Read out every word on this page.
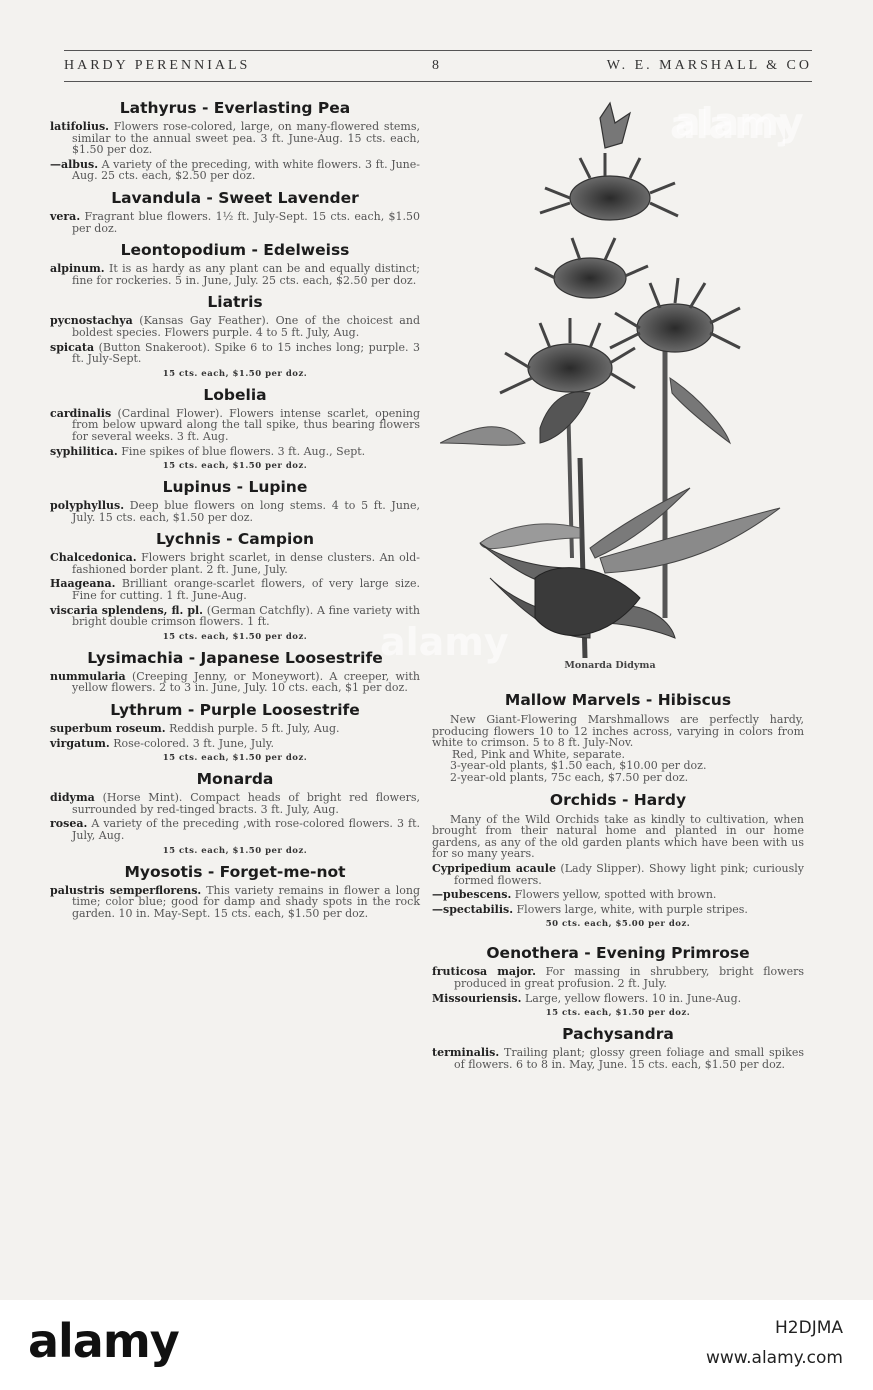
HARDY PERENNIALS	8	W. E. MARSHALL & CO
Lathyrus - Everlasting Pea
latifolius. Flowers rose-colored, large, on many-flowered stems, similar to the annual sweet pea. 3 ft. June-Aug. 15 cts. each, $1.50 per doz.
—albus. A variety of the preceding, with white flowers. 3 ft. June-Aug. 25 cts. each, $2.50 per doz.
Lavandula - Sweet Lavender
vera. Fragrant blue flowers. 1½ ft. July-Sept. 15 cts. each, $1.50 per doz.
Leontopodium - Edelweiss
alpinum. It is as hardy as any plant can be and equally distinct; fine for rockeries. 5 in. June, July. 25 cts. each, $2.50 per doz.
Liatris
pycnostachya (Kansas Gay Feather). One of the choicest and boldest species. Flowers purple. 4 to 5 ft. July, Aug.
spicata (Button Snakeroot). Spike 6 to 15 inches long; purple. 3 ft. July-Sept.
15 cts. each, $1.50 per doz.
Lobelia
cardinalis (Cardinal Flower). Flowers intense scarlet, opening from below upward along the tall spike, thus bearing flowers for several weeks. 3 ft. Aug.
syphilitica. Fine spikes of blue flowers. 3 ft. Aug., Sept.
15 cts. each, $1.50 per doz.
Lupinus - Lupine
polyphyllus. Deep blue flowers on long stems. 4 to 5 ft. June, July. 15 cts. each, $1.50 per doz.
Lychnis - Campion
Chalcedonica. Flowers bright scarlet, in dense clusters. An old-fashioned border plant. 2 ft. June, July.
Haageana. Brilliant orange-scarlet flowers, of very large size. Fine for cutting. 1 ft. June-Aug.
viscaria splendens, fl. pl. (German Catchfly). A fine variety with bright double crimson flowers. 1 ft.
15 cts. each, $1.50 per doz.
Lysimachia - Japanese Loosestrife
nummularia (Creeping Jenny, or Moneywort). A creeper, with yellow flowers. 2 to 3 in. June, July. 10 cts. each, $1 per doz.
Lythrum - Purple Loosestrife
superbum roseum. Reddish purple. 5 ft. July, Aug.
virgatum. Rose-colored. 3 ft. June, July.
15 cts. each, $1.50 per doz.
Monarda
didyma (Horse Mint). Compact heads of bright red flowers, surrounded by red-tinged bracts. 3 ft. July, Aug.
rosea. A variety of the preceding ,with rose-colored flowers. 3 ft. July, Aug.
15 cts. each, $1.50 per doz.
Myosotis - Forget-me-not
palustris semperflorens. This variety remains in flower a long time; color blue; good for damp and shady spots in the rock garden. 10 in. May-Sept. 15 cts. each, $1.50 per doz.
alam
Monarda Didyma
Mallow Marvels - Hibiscus
New Giant-Flowering Marshmallows are perfectly hardy, producing flowers 10 to 12 inches across, varying in colors from white to crimson. 5 to 8 ft. July-Nov.
Red, Pink and White, separate.
3-year-old plants, $1.50 each, $10.00 per doz.
2-year-old plants, 75c each, $7.50 per doz.
Orchids - Hardy
Many of the Wild Orchids take as kindly to cultivation, when brought from their natural home and planted in our home gardens, as any of the old garden plants which have been with us for so many years.
Cypripedium acaule (Lady Slipper). Showy light pink; curiously formed flowers.
—pubescens. Flowers yellow, spotted with brown.
—spectabilis. Flowers large, white, with purple stripes.
50 cts. each, $5.00 per doz.
Oenothera - Evening Primrose
fruticosa major. For massing in shrubbery, bright flowers produced in great profusion. 2 ft. July.
Missouriensis. Large, yellow flowers. 10 in. June-Aug.
15 cts. each, $1.50 per doz.
Pachysandra
terminalis. Trailing plant; glossy green foliage and small spikes of flowers. 6 to 8 in. May, June. 15 cts. each, $1.50 per doz.
alamy
alamy
alamy	H2DJMA
www.alamy.com
